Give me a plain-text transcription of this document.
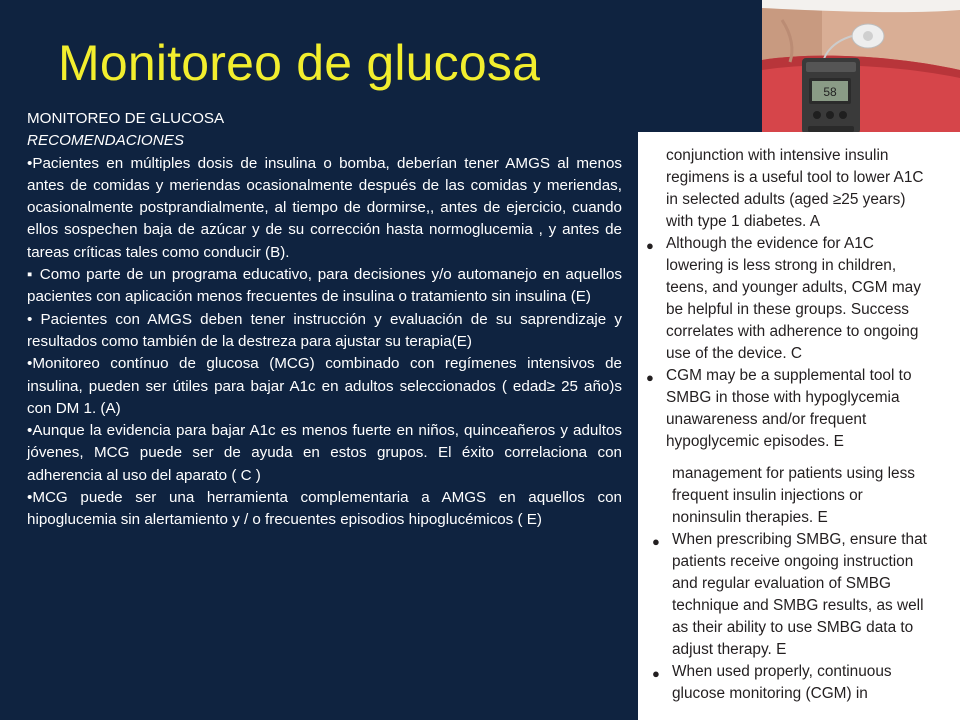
Monitoreo de glucosa

MONITOREO DE GLUCOSA

RECOMENDACIONES

•Pacientes en múltiples dosis de insulina o bomba, deberían tener AMGS al menos antes de comidas y meriendas ocasionalmente después de las comidas y meriendas, ocasionalmente postprandialmente, al tiempo de dormirse,, antes de ejercicio, cuando ellos sospechen baja de azúcar y de su corrección hasta normoglucemia , y antes de tareas críticas tales como conducir (B).

▪ Como parte de un programa educativo, para decisiones y/o automanejo en aquellos pacientes con aplicación menos frecuentes de insulina o tratamiento sin insulina (E)

• Pacientes con AMGS deben tener instrucción y evaluación de su saprendizaje y resultados como también de la destreza para ajustar su terapia(E)

•Monitoreo contínuo de glucosa (MCG) combinado con regímenes intensivos de insulina, pueden ser útiles para bajar A1c en adultos seleccionados ( edad≥ 25 año)s con DM 1. (A)

•Aunque la evidencia para bajar A1c es menos fuerte en niños, quinceañeros y adultos jóvenes, MCG puede ser de ayuda en estos grupos. El éxito correlaciona con adherencia al uso del aparato ( C )

•MCG puede ser una herramienta complementaria a AMGS en aquellos con hipoglucemia sin alertamiento y / o frecuentes episodios hipoglucémicos ( E)

58
conjunction with intensive insulin
regimens is a useful tool to lower A1C
in selected adults (aged ≥25 years)
with type 1 diabetes. A
● Although the evidence for A1C
lowering is less strong in children,
teens, and younger adults, CGM may
be helpful in these groups. Success
correlates with adherence to ongoing
use of the device. C
● CGM may be a supplemental tool to
SMBG in those with hypoglycemia
unawareness and/or frequent
hypoglycemic episodes. E
management for patients using less
frequent insulin injections or
noninsulin therapies. E
● When prescribing SMBG, ensure that
patients receive ongoing instruction
and regular evaluation of SMBG
technique and SMBG results, as well
as their ability to use SMBG data to
adjust therapy. E
● When used properly, continuous
glucose monitoring (CGM) in
